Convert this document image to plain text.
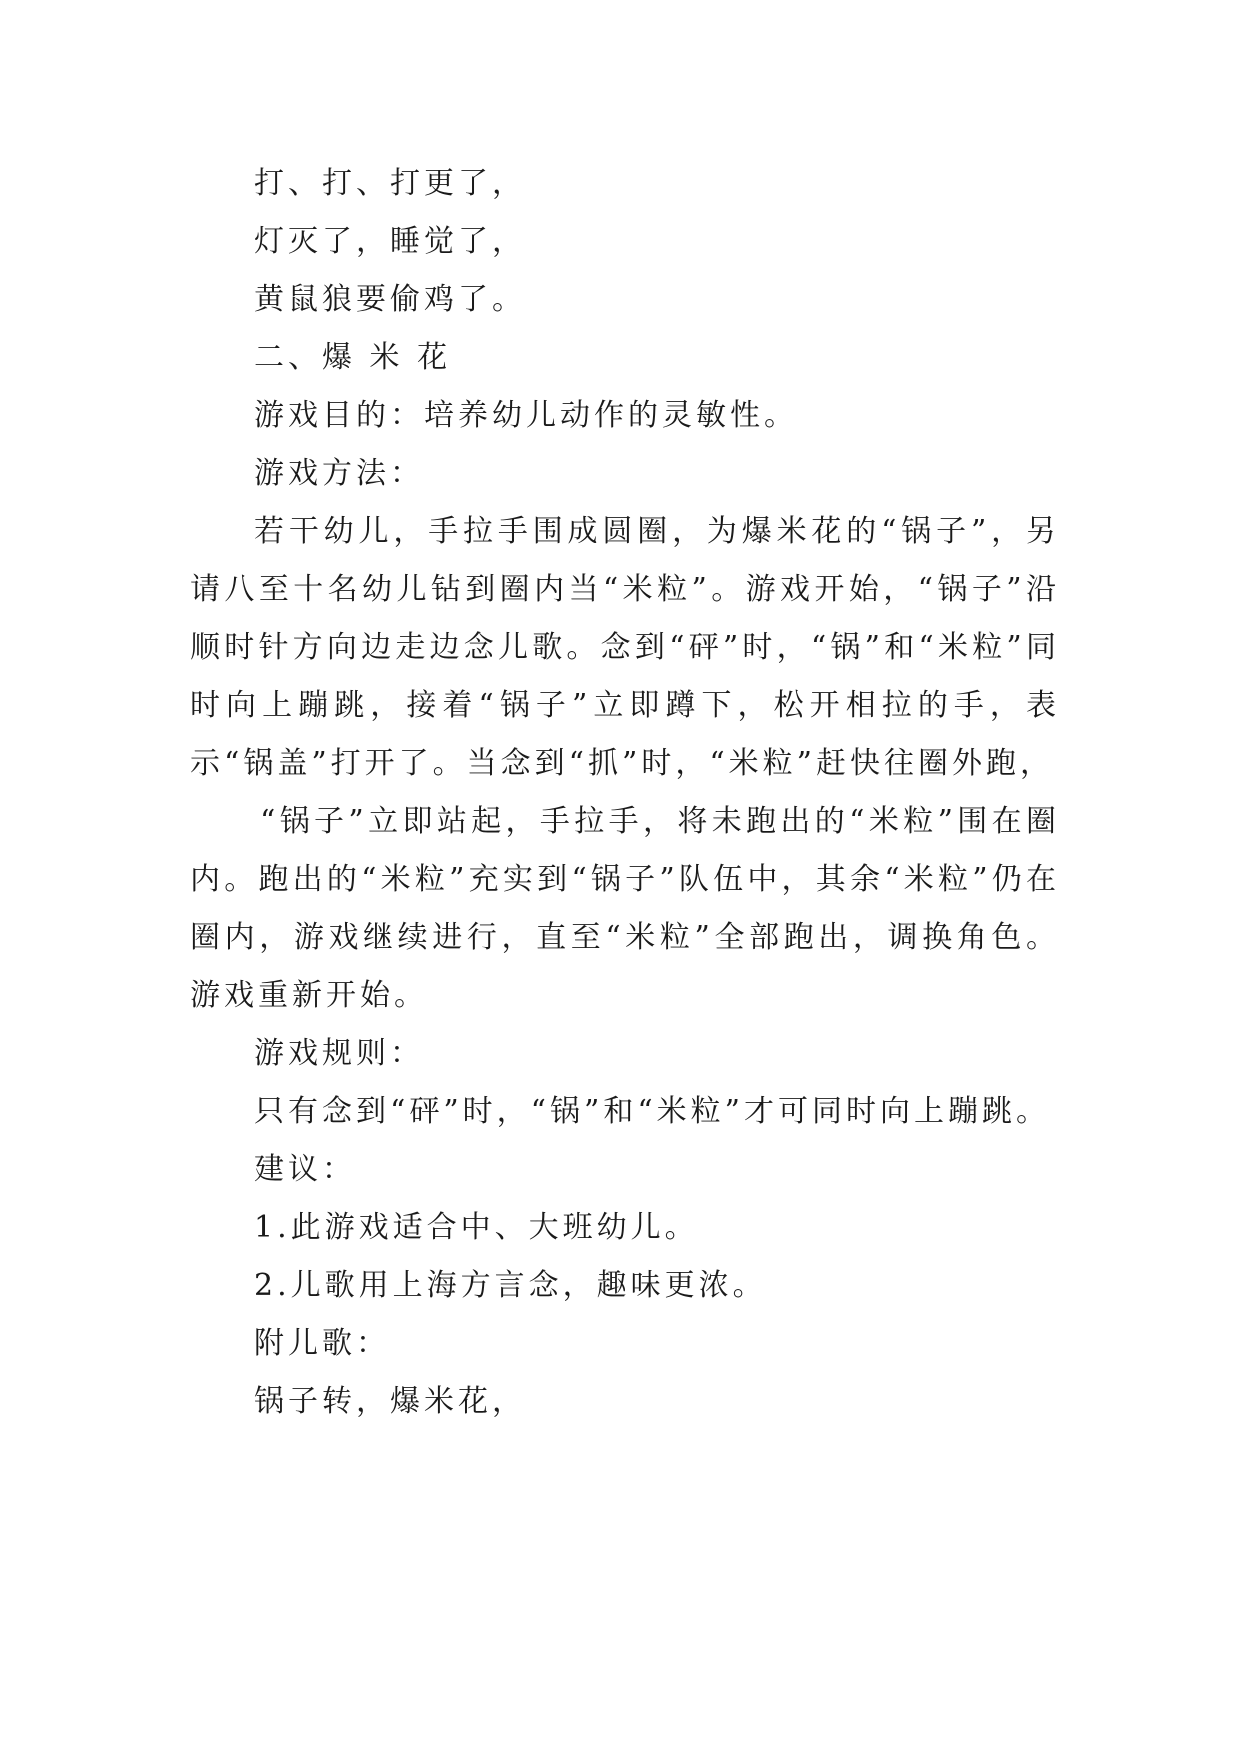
打、打、打更了，
灯灭了，睡觉了，
黄鼠狼要偷鸡了。
二、爆 米 花
游戏目的：培养幼儿动作的灵敏性。
游戏方法：

若干幼儿，手拉手围成圆圈，为爆米花的“锅子”，另请八至十名幼儿钻到圈内当“米粒”。游戏开始，“锅子”沿顺时针方向边走边念儿歌。念到“砰”时，“锅”和“米粒”同时向上蹦跳，接着“锅子”立即蹲下，松开相拉的手，表示“锅盖”打开了。当念到“抓”时，“米粒”赶快往圈外跑，

“锅子”立即站起，手拉手，将未跑出的“米粒”围在圈内。跑出的“米粒”充实到“锅子”队伍中，其余“米粒”仍在圈内，游戏继续进行，直至“米粒”全部跑出，调换角色。游戏重新开始。

游戏规则：

只有念到“砰”时，“锅”和“米粒”才可同时向上蹦跳。

建议：
1.此游戏适合中、大班幼儿。
2.儿歌用上海方言念，趣味更浓。
附儿歌：
锅子转，爆米花，
